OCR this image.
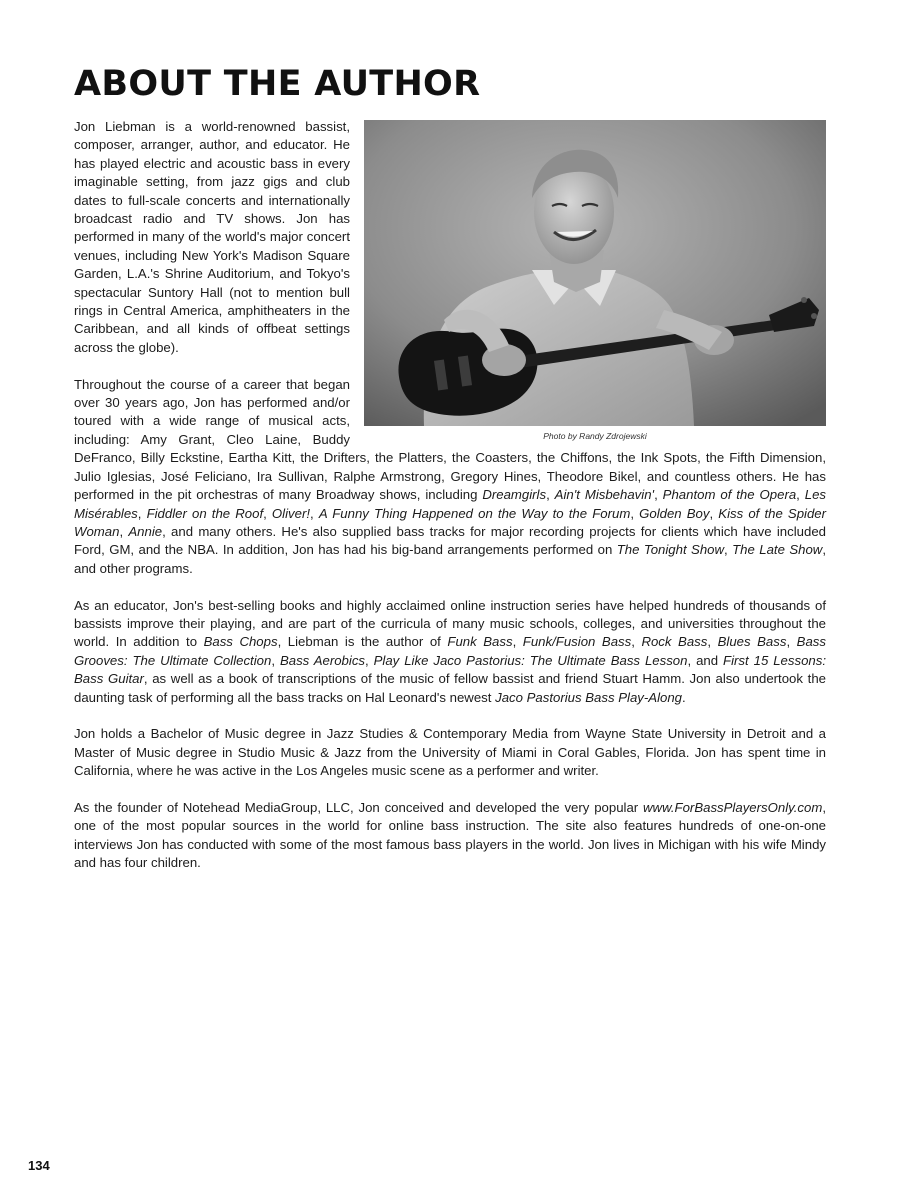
ABOUT THE AUTHOR
Photo by Randy Zdrojewski

Jon Liebman is a world-renowned bassist, composer, arranger, author, and educator. He has played electric and acoustic bass in every imaginable setting, from jazz gigs and club dates to full-scale concerts and internationally broadcast radio and TV shows. Jon has performed in many of the world's major concert venues, including New York's Madison Square Garden, L.A.'s Shrine Auditorium, and Tokyo's spectacular Suntory Hall (not to mention bull rings in Central America, amphitheaters in the Caribbean, and all kinds of offbeat settings across the globe).

Throughout the course of a career that began over 30 years ago, Jon has performed and/or toured with a wide range of musical acts, including: Amy Grant, Cleo Laine, Buddy DeFranco, Billy Eckstine, Eartha Kitt, the Drifters, the Platters, the Coasters, the Chiffons, the Ink Spots, the Fifth Dimension, Julio Iglesias, José Feliciano, Ira Sullivan, Ralphe Armstrong, Gregory Hines, Theodore Bikel, and countless others. He has performed in the pit orchestras of many Broadway shows, including Dreamgirls, Ain't Misbehavin', Phantom of the Opera, Les Misérables, Fiddler on the Roof, Oliver!, A Funny Thing Happened on the Way to the Forum, Golden Boy, Kiss of the Spider Woman, Annie, and many others. He's also supplied bass tracks for major recording projects for clients which have included Ford, GM, and the NBA. In addition, Jon has had his big-band arrangements performed on The Tonight Show, The Late Show, and other programs.

As an educator, Jon's best-selling books and highly acclaimed online instruction series have helped hundreds of thousands of bassists improve their playing, and are part of the curricula of many music schools, colleges, and universities throughout the world. In addition to Bass Chops, Liebman is the author of Funk Bass, Funk/Fusion Bass, Rock Bass, Blues Bass, Bass Grooves: The Ultimate Collection, Bass Aerobics, Play Like Jaco Pastorius: The Ultimate Bass Lesson, and First 15 Lessons: Bass Guitar, as well as a book of transcriptions of the music of fellow bassist and friend Stuart Hamm. Jon also undertook the daunting task of performing all the bass tracks on Hal Leonard's newest Jaco Pastorius Bass Play-Along.

Jon holds a Bachelor of Music degree in Jazz Studies & Contemporary Media from Wayne State University in Detroit and a Master of Music degree in Studio Music & Jazz from the University of Miami in Coral Gables, Florida. Jon has spent time in California, where he was active in the Los Angeles music scene as a performer and writer.

As the founder of Notehead MediaGroup, LLC, Jon conceived and developed the very popular www.ForBassPlayersOnly.com, one of the most popular sources in the world for online bass instruction. The site also features hundreds of one-on-one interviews Jon has conducted with some of the most famous bass players in the world. Jon lives in Michigan with his wife Mindy and has four children.

134
